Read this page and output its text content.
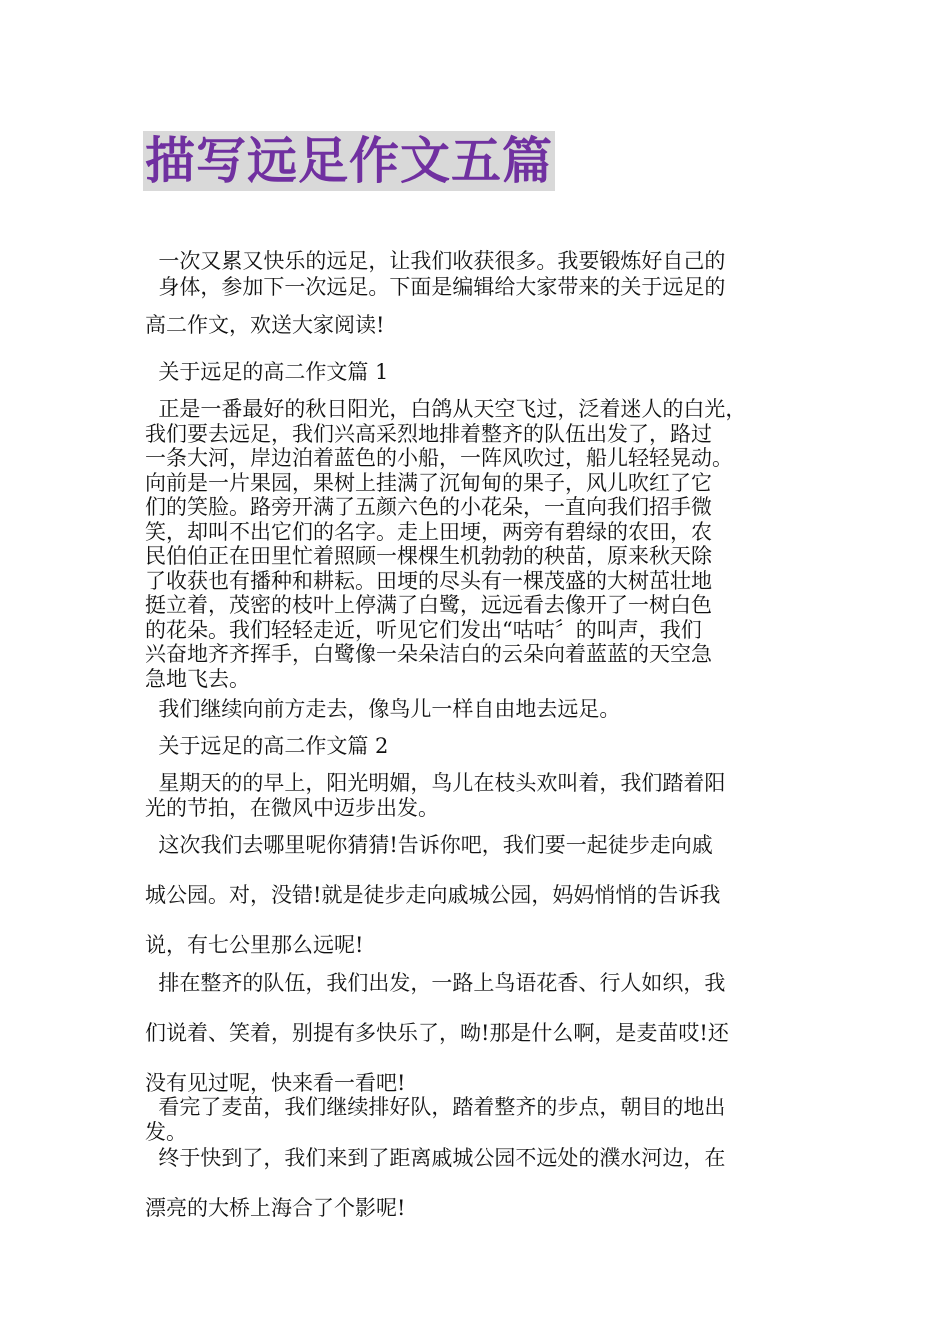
描写远足作文五篇
一次又累又快乐的远足，让我们收获很多。我要锻炼好自己的
身体，参加下一次远足。下面是编辑给大家带来的关于远足的
高二作文，欢送大家阅读!
关于远足的高二作文篇 1

正是一番最好的秋日阳光，白鸽从天空飞过，泛着迷人的白光，
我们要去远足，我们兴高采烈地排着整齐的队伍出发了，路过
一条大河，岸边泊着蓝色的小船，一阵风吹过，船儿轻轻晃动。
向前是一片果园，果树上挂满了沉甸甸的果子，风儿吹红了它
们的笑脸。路旁开满了五颜六色的小花朵，一直向我们招手微
笑，却叫不出它们的名字。走上田埂，两旁有碧绿的农田，农
民伯伯正在田里忙着照顾一棵棵生机勃勃的秧苗，原来秋天除
了收获也有播种和耕耘。田埂的尽头有一棵茂盛的大树茁壮地
挺立着，茂密的枝叶上停满了白鹭，远远看去像开了一树白色
的花朵。我们轻轻走近，听见它们发出“咕咕〞的叫声，我们
兴奋地齐齐挥手，白鹭像一朵朵洁白的云朵向着蓝蓝的天空急
急地飞去。

我们继续向前方走去，像鸟儿一样自由地去远足。

关于远足的高二作文篇 2

星期天的的早上，阳光明媚，鸟儿在枝头欢叫着，我们踏着阳
光的节拍，在微风中迈步出发。

这次我们去哪里呢你猜猜!告诉你吧，我们要一起徒步走向戚
城公园。对，没错!就是徒步走向戚城公园，妈妈悄悄的告诉我
说，有七公里那么远呢!

排在整齐的队伍，我们出发，一路上鸟语花香、行人如织，我
们说着、笑着，别提有多快乐了，呦!那是什么啊，是麦苗哎!还
没有见过呢，快来看一看吧!

看完了麦苗，我们继续排好队，踏着整齐的步点，朝目的地出
发。

终于快到了，我们来到了距离戚城公园不远处的濮水河边，在
漂亮的大桥上海合了个影呢!
